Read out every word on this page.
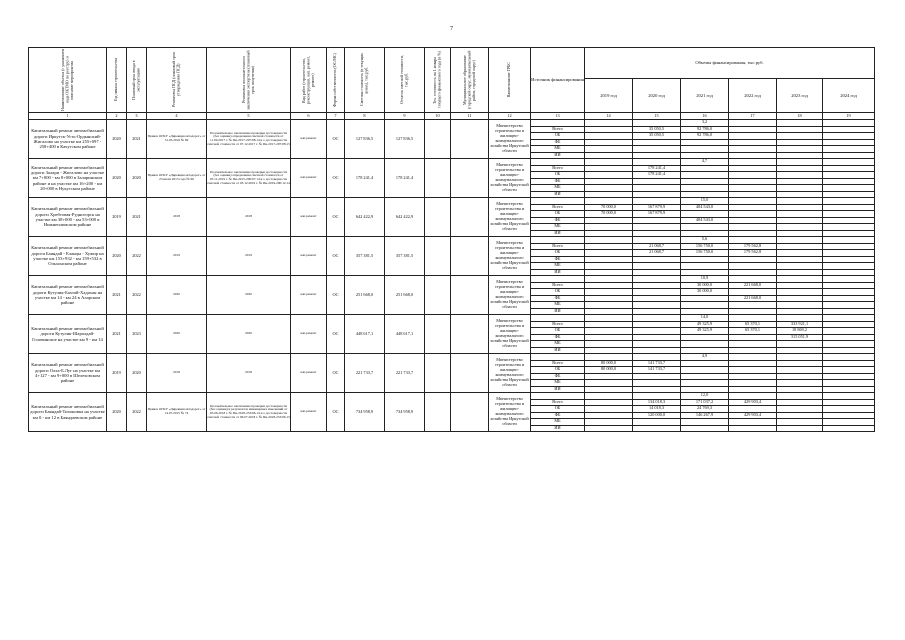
7
Наименование объекта (с указанием кода ОКТМО по реестру) и описание мероприятия	Год начала строительства	Плановый срок ввода в эксплуатацию	Реквизиты ПСД (плановый срок утверждения ПСД)	Реквизиты положительного заключения экспертизы (плановый срок получения)	Вид работ (строительство, реконструкция, кап. ремонт, ремонт)	Форма собственности (ОС/МС)	Сметная стоимость (в текущих ценах), тыс.руб.	Остаток сметной стоимости, тыс.руб.	Тех. готовность на 1 января текущего финансового года (в %)	Муниципальное образование (городской округ, муниципальный район, городской округ)	Наименование ГРБС	Источник финансирования	Объемы финансирования, тыс.руб.					
													2019 год	2020 год	2021 год	2022 год	2023 год	2024 год
1	2	3	4	5	6	7	8	9	10	11	12	13	14	15	16	17	18	19
Капитальный ремонт автомобильной дороги Иркутск-Усть-Ордынский-Жигалово на участке км 255+097 - 258+400 в Качугском районе	2020	2021	Приказ ОГКУ «Дирекция автодорог» от 31.03.2016 № 69	Положительное заключение проверки достоверности (без оценки) определения сметной стоимости от 11.09.2017 г. № Пи-2017-297/08.14 и о достоверности сметной стоимости от 07.12.2017 г. № Пи-2017-297/08.15	кап.ремонт	ОС	127 836,5	127 836,5			Министерство строительства и жилищно-коммунального хозяйства Иркутской области				3,2			
												Всего		35 050,5	92 786,0			
												ОБ		35 050,5	92 786,0			
												ФБ						
												МБ						
												ИИ						
Капитальный ремонт автомобильной дороги Залари - Жигалово на участке км 7+000 - км 8+000 в Заларинском районе и на участке км 16+200 - км 20+000 в Нукутском районе	2020	2020	Приказ ОГКУ «Дирекция автодорог» от 25 июля 2015 года № 66	Положительное заключение проверки достоверности (без оценки) определения сметной стоимости от 05.11.2019 г. № Пи-2015-200/07.14 и о достоверности сметной стоимости от 03.12.2019 г. № Пи-2019-200/12.14	кап.ремонт	ОС	178 241,4	178 241,4			Министерство строительства и жилищно-коммунального хозяйства Иркутской области				4,7			
												Всего		178 241,4				
												ОБ		178 241,4				
												ФБ						
												МБ						
												ИИ						
Капитальный ремонт автомобильной дороги Хребтовая-Рудногорск на участке км 38+000 - км 53+000 в Нижнеилимском районе	2019	2021	2018	2018	кап.ремонт	ОС	642 422,9	642 422,9			Министерство строительства и жилищно-коммунального хозяйства Иркутской области				15,0			
												Всего	70 000,0	167 879,9	404 543,0			
												ОБ	70 000,0	167 879,9				
												ФБ			404 543,0			
												МБ						
												ИИ						
Капитальный ремонт автомобильной дороги Баяндай - Еланцы - Хужир на участке км 153+932 - км 159+532 в Ольхонском районе	2020	2022	2019	2019	кап.ремонт	ОС	357 381,5	357 381,5			Министерство строительства и жилищно-коммунального хозяйства Иркутской области				5,6			
												Всего		21 068,7	156 750,0	179 562,8		
												ОБ		21 068,7	156 750,0	179 562,8		
												ФБ						
												МБ						
												ИИ						
Капитальный ремонт автомобильной дороги Кутулик-Бахтай-Хадахан на участке км 14 - км 24 в Аларском районе	2021	2022	2020	2020	кап.ремонт	ОС	251 668,0	251 668,0			Министерство строительства и жилищно-коммунального хозяйства Иркутской области				10,9			
												Всего			30 000,0	221 668,0		
												ОБ			30 000,0			
												ФБ				221 668,0		
												МБ						
												ИИ						
Капитальный ремонт автомобильной дороги Кутулик-Шаралдай-Головинское на участке км 9 - км 14	2021	2023	2020	2020	кап.ремонт	ОС	448 617,1	448 617,1			Министерство строительства и жилищно-коммунального хозяйства Иркутской области				14,0			
												Всего			49 325,9	65 370,1	333 921,1	
												ОБ			49 325,9	65 370,1	18 869,2	
												ФБ					315 051,9	
												МБ						
												ИИ						
Капитальный ремонт автомобильной дороги Олха-Б.Луг на участке км 4+127 - км 9+000 в Шелеховском районе	2019	2020	2018	2018	кап.ремонт	ОС	221 733,7	221 733,7			Министерство строительства и жилищно-коммунального хозяйства Иркутской области				4,9			
												Всего	80 000,0	141 733,7				
												ОБ	80 000,0	141 733,7				
												ФБ						
												МБ						
												ИИ						
Капитальный ремонт автомобильной дороги Баяндай-Тихоновка на участке км 0 - км 12 в Баяндаевском районе	2020	2022	Приказ ОГКУ «Дирекция автодорог» от 14.07.2015 № 74	Положительное заключение проверки достоверности (без оценки) и результатов инженерных изысканий от 05.06.2018 г. № Пи-2018-253/06.14 и о достоверности сметной стоимости от 06.07.2018 г. № Пи-2018-253/06.15	кап.ремонт	ОС	734 958,9	734 958,9			Министерство строительства и жилищно-коммунального хозяйства Иркутской области				12,0			
												Всего		134 018,3	171 037,2	429 903,4		
												ОБ		14 018,3	24 769,3			
												ФБ		120 000,0	146 267,9	429 903,4		
												МБ						
												ИИ						
